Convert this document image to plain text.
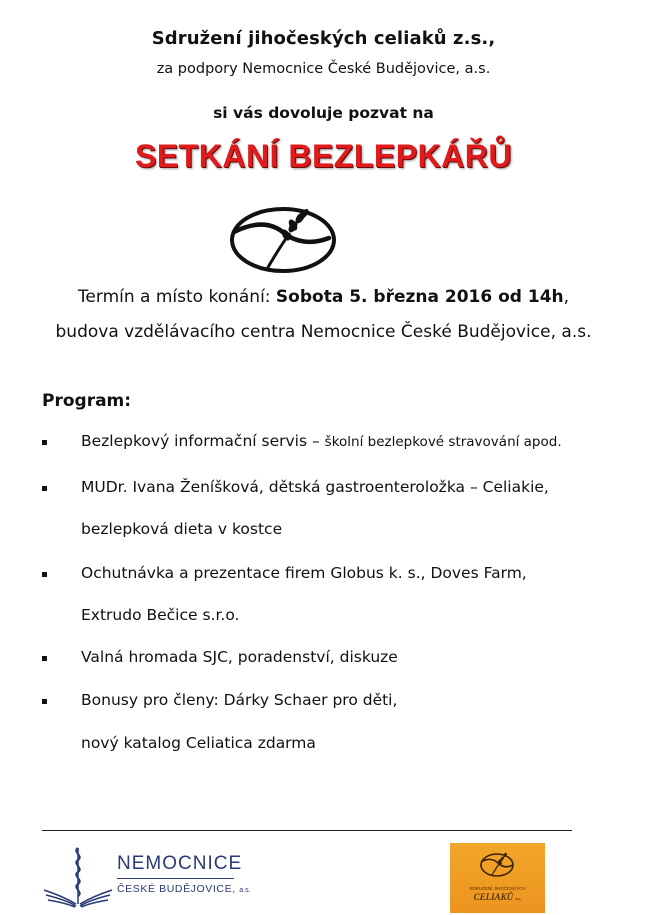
Sdružení jihočeských celiaků z.s.,
za podpory Nemocnice České Budějovice, a.s.
si vás dovoluje pozvat na
SETKÁNÍ BEZLEPKÁŘŮ
Termín a místo konání: Sobota 5. března 2016 od 14h,
budova vzdělávacího centra Nemocnice České Budějovice, a.s.
Program:
Bezlepkový informační servis – školní bezlepkové stravování apod.
MUDr. Ivana Ženíšková, dětská gastroenteroložka – Celiakie,
bezlepková dieta v kostce
Ochutnávka a prezentace firem Globus k. s., Doves Farm,
Extrudo Bečice s.r.o.
Valná hromada SJC, poradenství, diskuze
Bonusy pro členy: Dárky Schaer pro děti,
nový katalog Celiatica zdarma
NEMOCNICE
ČESKÉ BUDĚJOVICE, a.s.	SDRUŽENÍ JIHOČESKÝCH
CELIAKŮ z.s.
